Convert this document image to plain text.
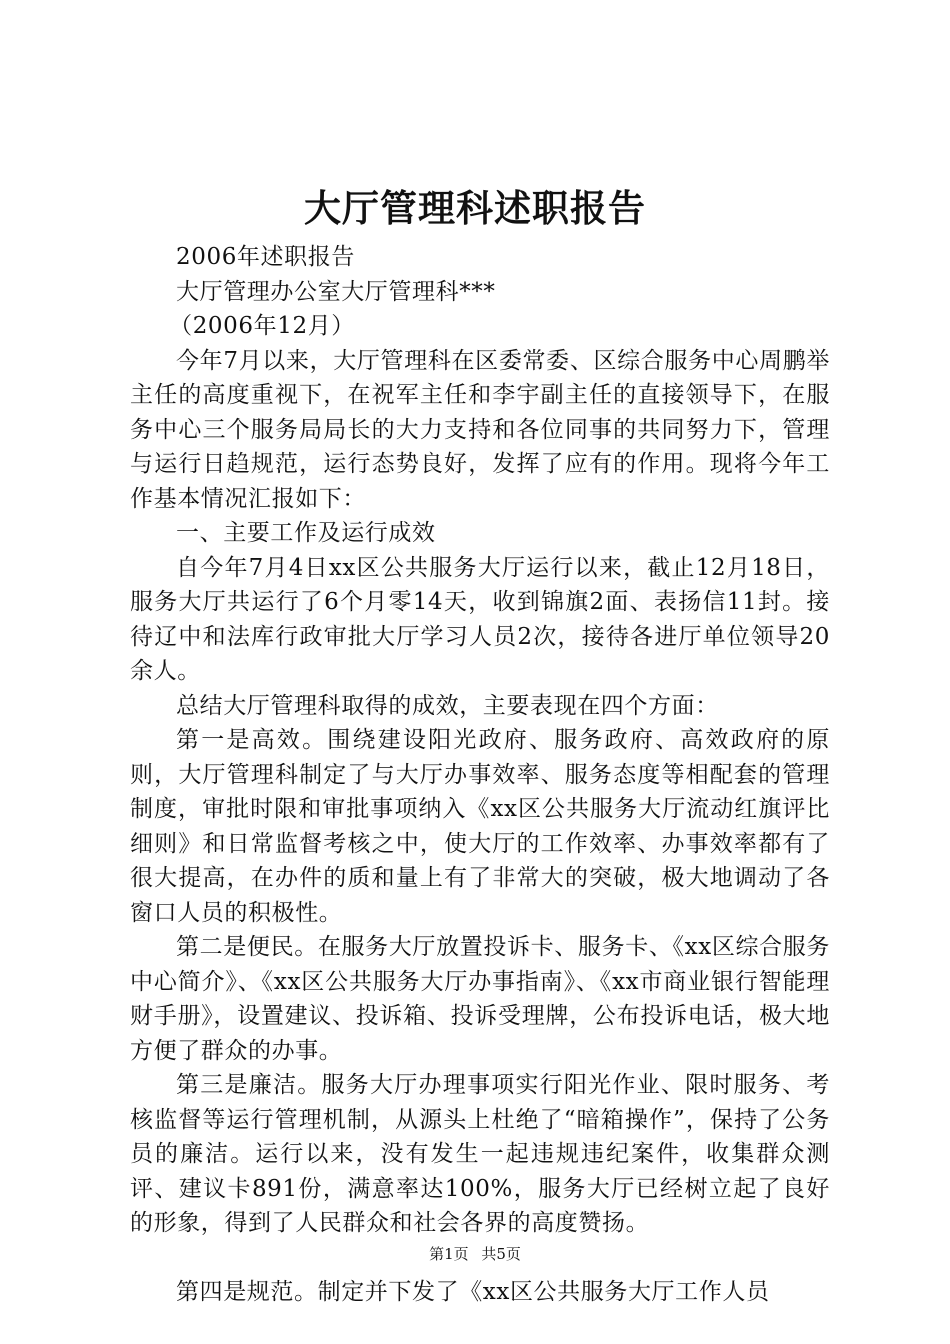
大厅管理科述职报告

2006年述职报告

大厅管理办公室大厅管理科***

（2006年12月）

今年7月以来，大厅管理科在区委常委、区综合服务中心周鹏举主任的高度重视下，在祝军主任和李宇副主任的直接领导下，在服务中心三个服务局局长的大力支持和各位同事的共同努力下，管理与运行日趋规范，运行态势良好，发挥了应有的作用。现将今年工作基本情况汇报如下：

一、主要工作及运行成效

自今年7月4日xx区公共服务大厅运行以来，截止12月18日，服务大厅共运行了6个月零14天，收到锦旗2面、表扬信11封。接待辽中和法库行政审批大厅学习人员2次，接待各进厅单位领导20余人。

总结大厅管理科取得的成效，主要表现在四个方面：

第一是高效。围绕建设阳光政府、服务政府、高效政府的原则，大厅管理科制定了与大厅办事效率、服务态度等相配套的管理制度，审批时限和审批事项纳入《xx区公共服务大厅流动红旗评比细则》和日常监督考核之中，使大厅的工作效率、办事效率都有了很大提高，在办件的质和量上有了非常大的突破，极大地调动了各窗口人员的积极性。

第二是便民。在服务大厅放置投诉卡、服务卡、《xx区综合服务中心简介》、《xx区公共服务大厅办事指南》、《xx市商业银行智能理财手册》，设置建议、投诉箱、投诉受理牌，公布投诉电话，极大地方便了群众的办事。

第三是廉洁。服务大厅办理事项实行阳光作业、限时服务、考核监督等运行管理机制，从源头上杜绝了“暗箱操作”，保持了公务员的廉洁。运行以来，没有发生一起违规违纪案件，收集群众测评、建议卡891份，满意率达100%，服务大厅已经树立起了良好的形象，得到了人民群众和社会各界的高度赞扬。

第四是规范。制定并下发了《xx区公共服务大厅工作人员

第1页 共5页
